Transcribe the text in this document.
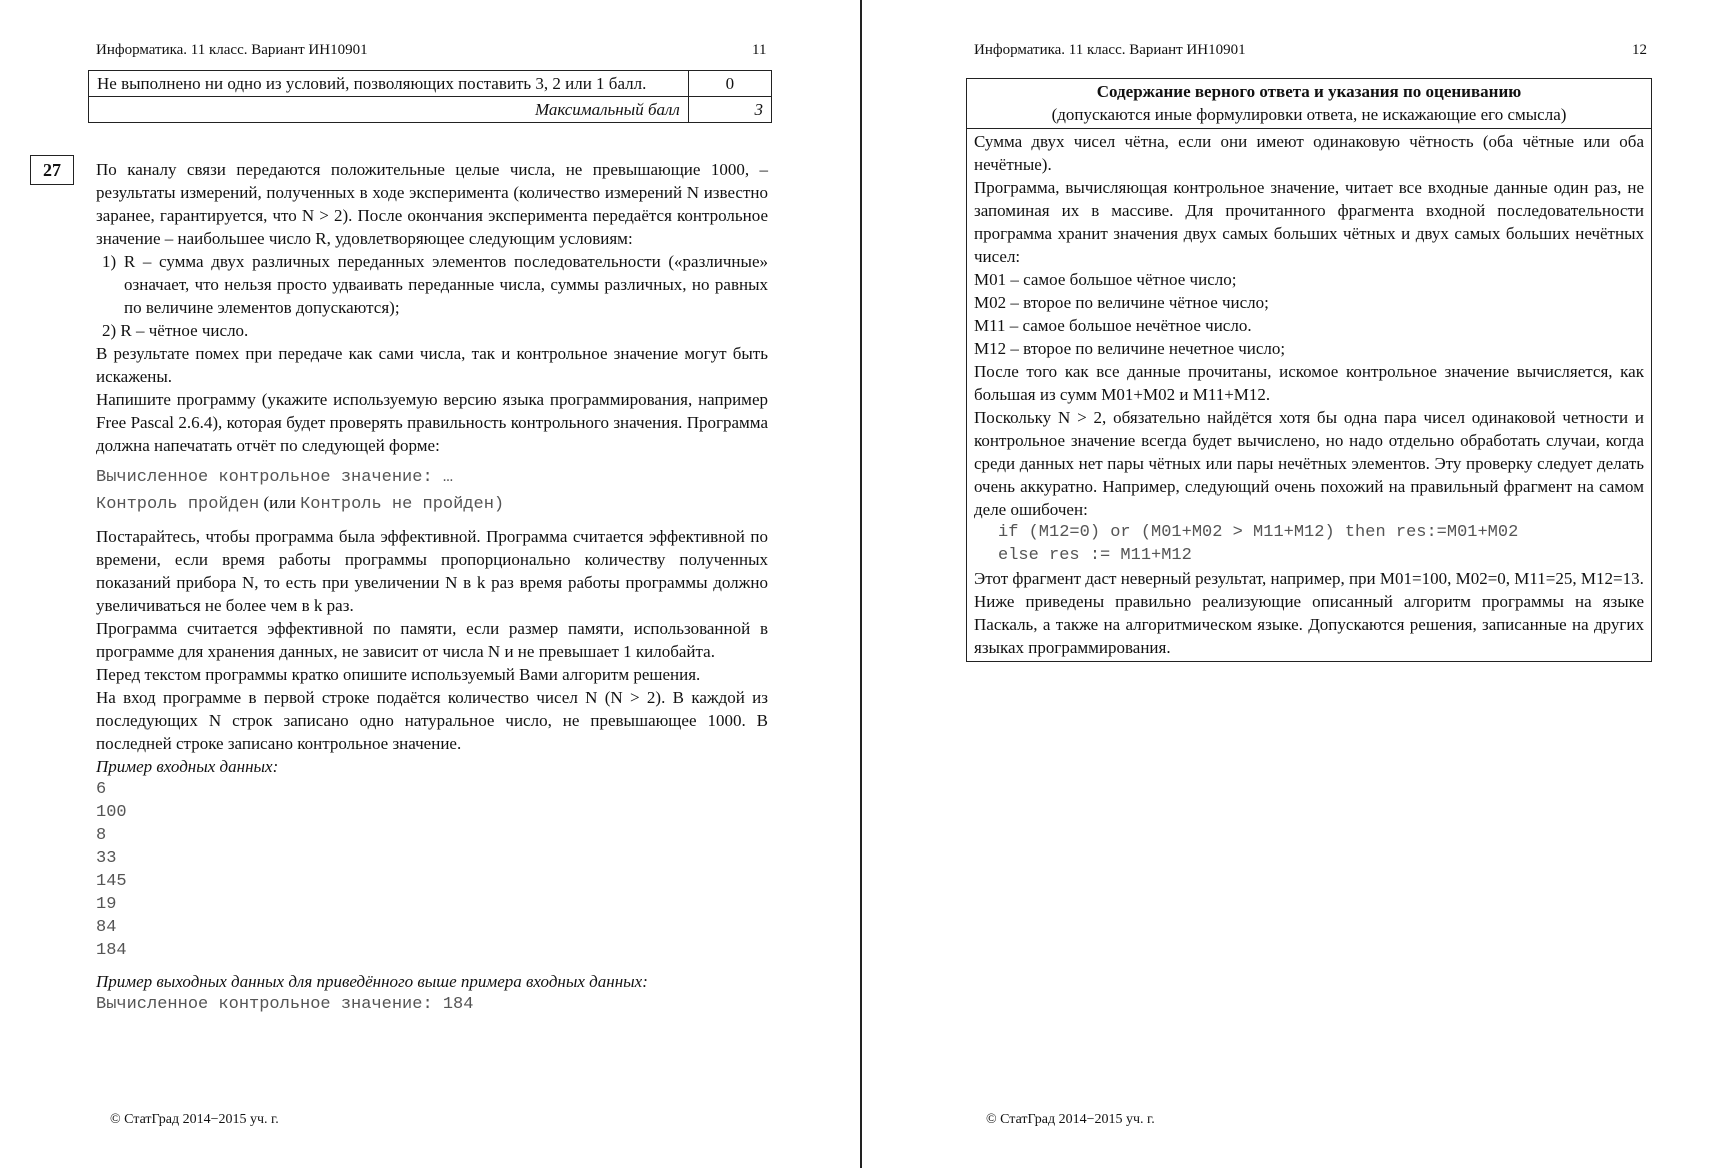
Информатика. 11 класс. Вариант ИН10901	11
Не выполнено ни одно из условий, позволяющих поставить 3, 2 или 1 балл.	0
Максимальный балл	3
27	По каналу связи передаются положительные целые числа, не превышающие 1000, – результаты измерений, полученных в ходе эксперимента (количество измерений N известно заранее, гарантируется, что N > 2). После окончания эксперимента передаётся контрольное значение – наибольшее число R, удовлетворяющее следующим условиям:

1) R – сумма двух различных переданных элементов последовательности («различные» означает, что нельзя просто удваивать переданные числа, суммы различных, но равных по величине элементов допускаются);

2) R – чётное число.

В результате помех при передаче как сами числа, так и контрольное значение могут быть искажены.

Напишите программу (укажите используемую версию языка программирования, например Free Pascal 2.6.4), которая будет проверять правильность контрольного значения. Программа должна напечатать отчёт по следующей форме:

Вычисленное контрольное значение: …

Контроль пройден (или Контроль не пройден)

Постарайтесь, чтобы программа была эффективной. Программа считается эффективной по времени, если время работы программы пропорционально количеству полученных показаний прибора N, то есть при увеличении N в k раз время работы программы должно увеличиваться не более чем в k раз.

Программа считается эффективной по памяти, если размер памяти, использованной в программе для хранения данных, не зависит от числа N и не превышает 1 килобайта.

Перед текстом программы кратко опишите используемый Вами алгоритм решения.

На вход программе в первой строке подаётся количество чисел N (N > 2). В каждой из последующих N строк записано одно натуральное число, не превышающее 1000. В последней строке записано контрольное значение.

Пример входных данных:

6

100

8

33

145

19

84

184

Пример выходных данных для приведённого выше примера входных данных:

Вычисленное контрольное значение: 184

© СтатГрад 2014−2015 уч. г.
Информатика. 11 класс. Вариант ИН10901	12
© СтатГрад 2014−2015 уч. г.
Содержание верного ответа и указания по оцениванию
(допускаются иные формулировки ответа, не искажающие его смысла)

Сумма двух чисел чётна, если они имеют одинаковую чётность (оба чётные или оба нечётные).

Программа, вычисляющая контрольное значение, читает все входные данные один раз, не запоминая их в массиве. Для прочитанного фрагмента входной последовательности программа хранит значения двух самых больших чётных и двух самых больших нечётных чисел:

М01 – самое большое чётное число;

М02 – второе по величине чётное число;

М11 – самое большое нечётное число.

М12 – второе по величине нечетное число;

После того как все данные прочитаны, искомое контрольное значение вычисляется, как большая из сумм М01+М02 и М11+М12.

Поскольку N > 2, обязательно найдётся хотя бы одна пара чисел одинаковой четности и контрольное значение всегда будет вычислено, но надо отдельно обработать случаи, когда среди данных нет пары чётных или пары нечётных элементов. Эту проверку следует делать очень аккуратно. Например, следующий очень похожий на правильный фрагмент на самом деле ошибочен:

if (M12=0) or (M01+M02 > M11+M12) then res:=M01+M02

else res := M11+M12

Этот фрагмент даст неверный результат, например, при М01=100, М02=0, М11=25, М12=13.

Ниже приведены правильно реализующие описанный алгоритм программы на языке Паскаль, а также на алгоритмическом языке. Допускаются решения, записанные на других языках программирования.
